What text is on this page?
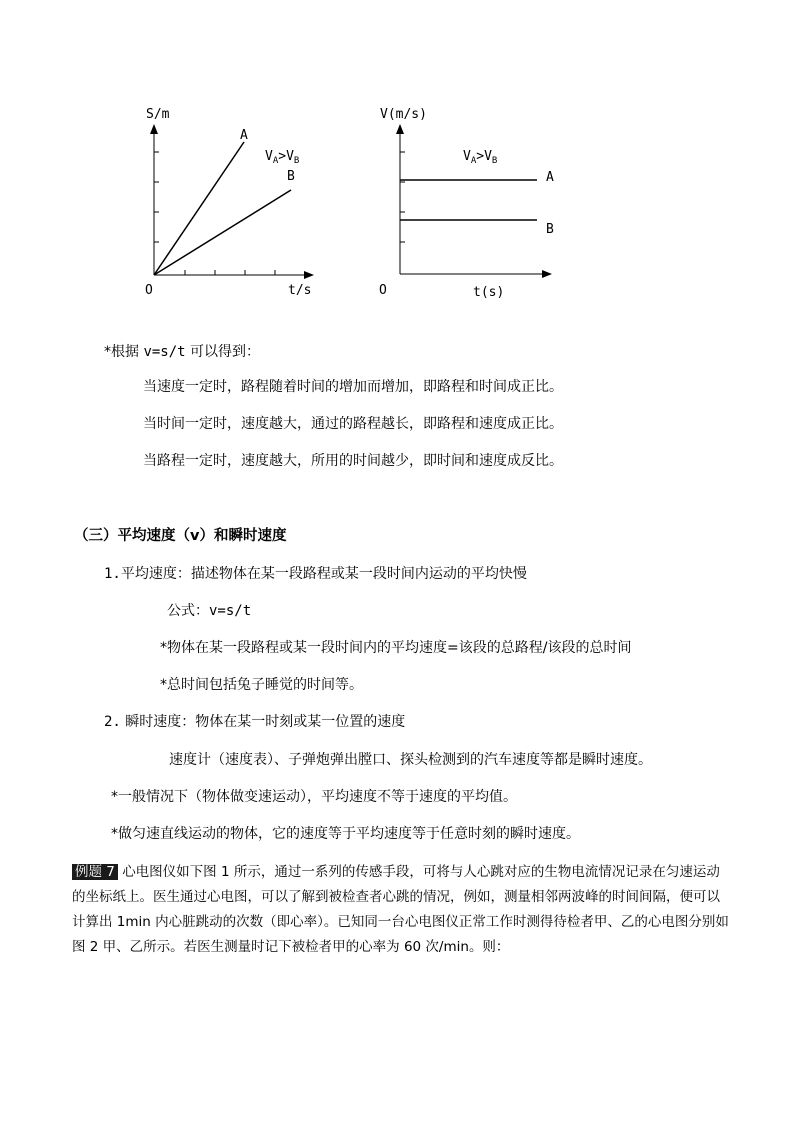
S/m
t/s
O
A
B
$V_A>V_B$
V(m/s)
t(s)
O
A
B
$V_A>V_B$
*根据 v=s/t 可以得到：
当速度一定时，路程随着时间的增加而增加，即路程和时间成正比。
当时间一定时，速度越大，通过的路程越长，即路程和速度成正比。
当路程一定时，速度越大，所用的时间越少，即时间和速度成反比。
（三）平均速度（v）和瞬时速度
1.平均速度：描述物体在某一段路程或某一段时间内运动的平均快慢
公式：v=s/t
*物体在某一段路程或某一段时间内的平均速度=该段的总路程/该段的总时间
*总时间包括兔子睡觉的时间等。
2. 瞬时速度：物体在某一时刻或某一位置的速度
速度计（速度表）、子弹炮弹出膛口、探头检测到的汽车速度等都是瞬时速度。
*一般情况下（物体做变速运动），平均速度不等于速度的平均值。
*做匀速直线运动的物体，它的速度等于平均速度等于任意时刻的瞬时速度。
例题 7 心电图仪如下图 1 所示，通过一系列的传感手段，可将与人心跳对应的生物电流情况记录在匀速运动的坐标纸上。医生通过心电图，可以了解到被检查者心跳的情况，例如，测量相邻两波峰的时间间隔，便可以计算出 1min 内心脏跳动的次数（即心率）。已知同一台心电图仪正常工作时测得待检者甲、乙的心电图分别如图 2 甲、乙所示。若医生测量时记下被检者甲的心率为 60 次/min。则：
